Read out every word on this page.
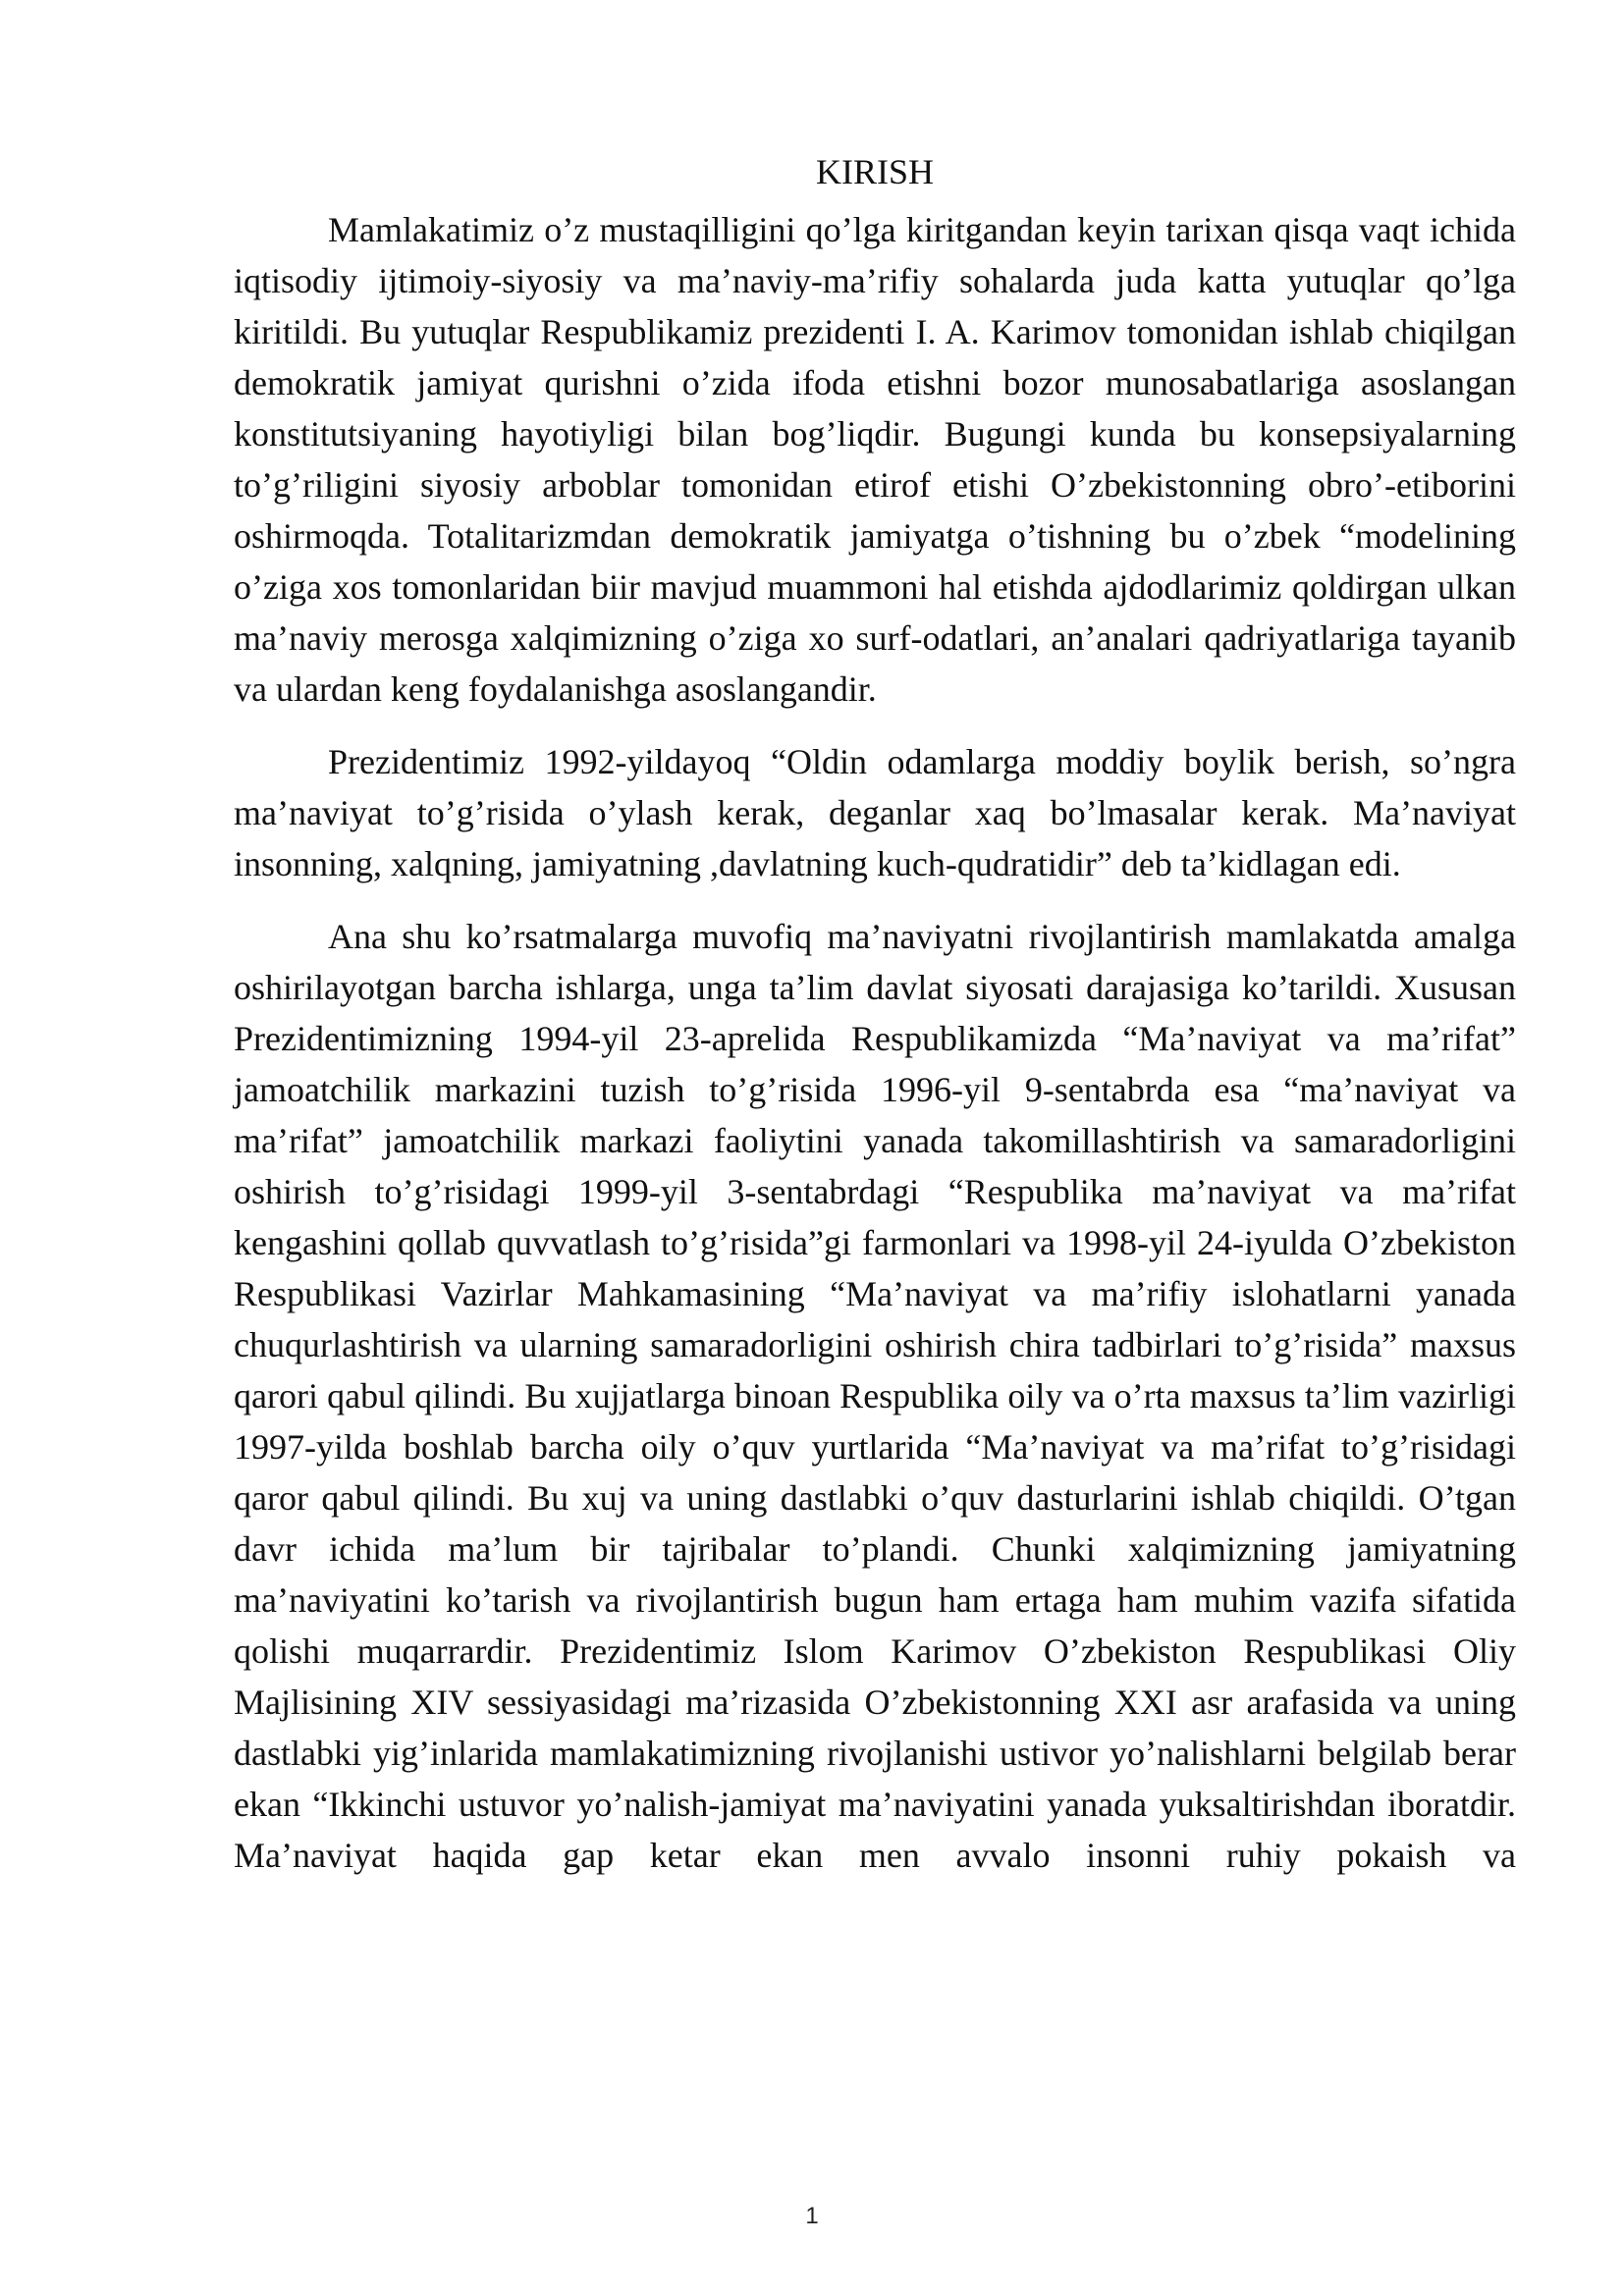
KIRISH

Mamlakatimiz o’z mustaqilligini qo’lga kiritgandan keyin tarixan qisqa vaqt ichida iqtisodiy ijtimoiy-siyosiy va ma’naviy-ma’rifiy sohalarda juda katta yutuqlar qo’lga kiritildi. Bu yutuqlar Respublikamiz prezidenti I. A. Karimov tomonidan ishlab chiqilgan demokratik jamiyat qurishni o’zida ifoda etishni bozor munosabatlariga asoslangan konstitutsiyaning hayotiyligi bilan bog’liqdir. Bugungi kunda bu konsepsiyalarning to’g’riligini siyosiy arboblar tomonidan etirof etishi O’zbekistonning obro’-etiborini oshirmoqda. Totalitarizmdan demokratik jamiyatga o’tishning bu o’zbek “modelining o’ziga xos tomonlaridan biir mavjud muammoni hal etishda ajdodlarimiz qoldirgan ulkan ma’naviy merosga xalqimizning o’ziga xo surf-odatlari, an’analari qadriyatlariga tayanib va ulardan keng foydalanishga asoslangandir.

Prezidentimiz 1992-yildayoq “Oldin odamlarga moddiy boylik berish, so’ngra ma’naviyat to’g’risida o’ylash kerak, deganlar xaq bo’lmasalar kerak. Ma’naviyat insonning, xalqning, jamiyatning ,davlatning kuch-qudratidir” deb ta’kidlagan edi.

Ana shu ko’rsatmalarga muvofiq ma’naviyatni rivojlantirish mamlakatda amalga oshirilayotgan barcha ishlarga, unga ta’lim davlat siyosati darajasiga ko’tarildi. Xususan Prezidentimizning 1994-yil 23-aprelida Respublikamizda “Ma’naviyat va ma’rifat” jamoatchilik markazini tuzish to’g’risida 1996-yil 9-sentabrda esa “ma’naviyat va ma’rifat” jamoatchilik markazi faoliytini yanada takomillashtirish va samaradorligini oshirish to’g’risidagi 1999-yil 3-sentabrdagi “Respublika ma’naviyat va ma’rifat kengashini qollab quvvatlash to’g’risida”gi farmonlari va 1998-yil 24-iyulda O’zbekiston Respublikasi Vazirlar Mahkamasining “Ma’naviyat va ma’rifiy islohatlarni yanada chuqurlashtirish va ularning samaradorligini oshirish chira tadbirlari to’g’risida” maxsus qarori qabul qilindi. Bu xujjatlarga binoan Respublika oily va o’rta maxsus ta’lim vazirligi 1997-yilda boshlab barcha oily o’quv yurtlarida “Ma’naviyat va ma’rifat to’g’risidagi qaror qabul qilindi. Bu xuj va uning dastlabki o’quv dasturlarini ishlab chiqildi. O’tgan davr ichida ma’lum bir tajribalar to’plandi. Chunki xalqimizning jamiyatning ma’naviyatini ko’tarish va rivojlantirish bugun ham ertaga ham muhim vazifa sifatida qolishi muqarrardir. Prezidentimiz Islom Karimov O’zbekiston Respublikasi Oliy Majlisining XIV sessiyasidagi ma’rizasida O’zbekistonning XXI asr arafasida va uning dastlabki yig’inlarida mamlakatimizning rivojlanishi ustivor yo’nalishlarni belgilab berar ekan “Ikkinchi ustuvor yo’nalish-jamiyat ma’naviyatini yanada yuksaltirishdan iboratdir. Ma’naviyat haqida gap ketar ekan men avvalo insonni ruhiy pokaish va

1
